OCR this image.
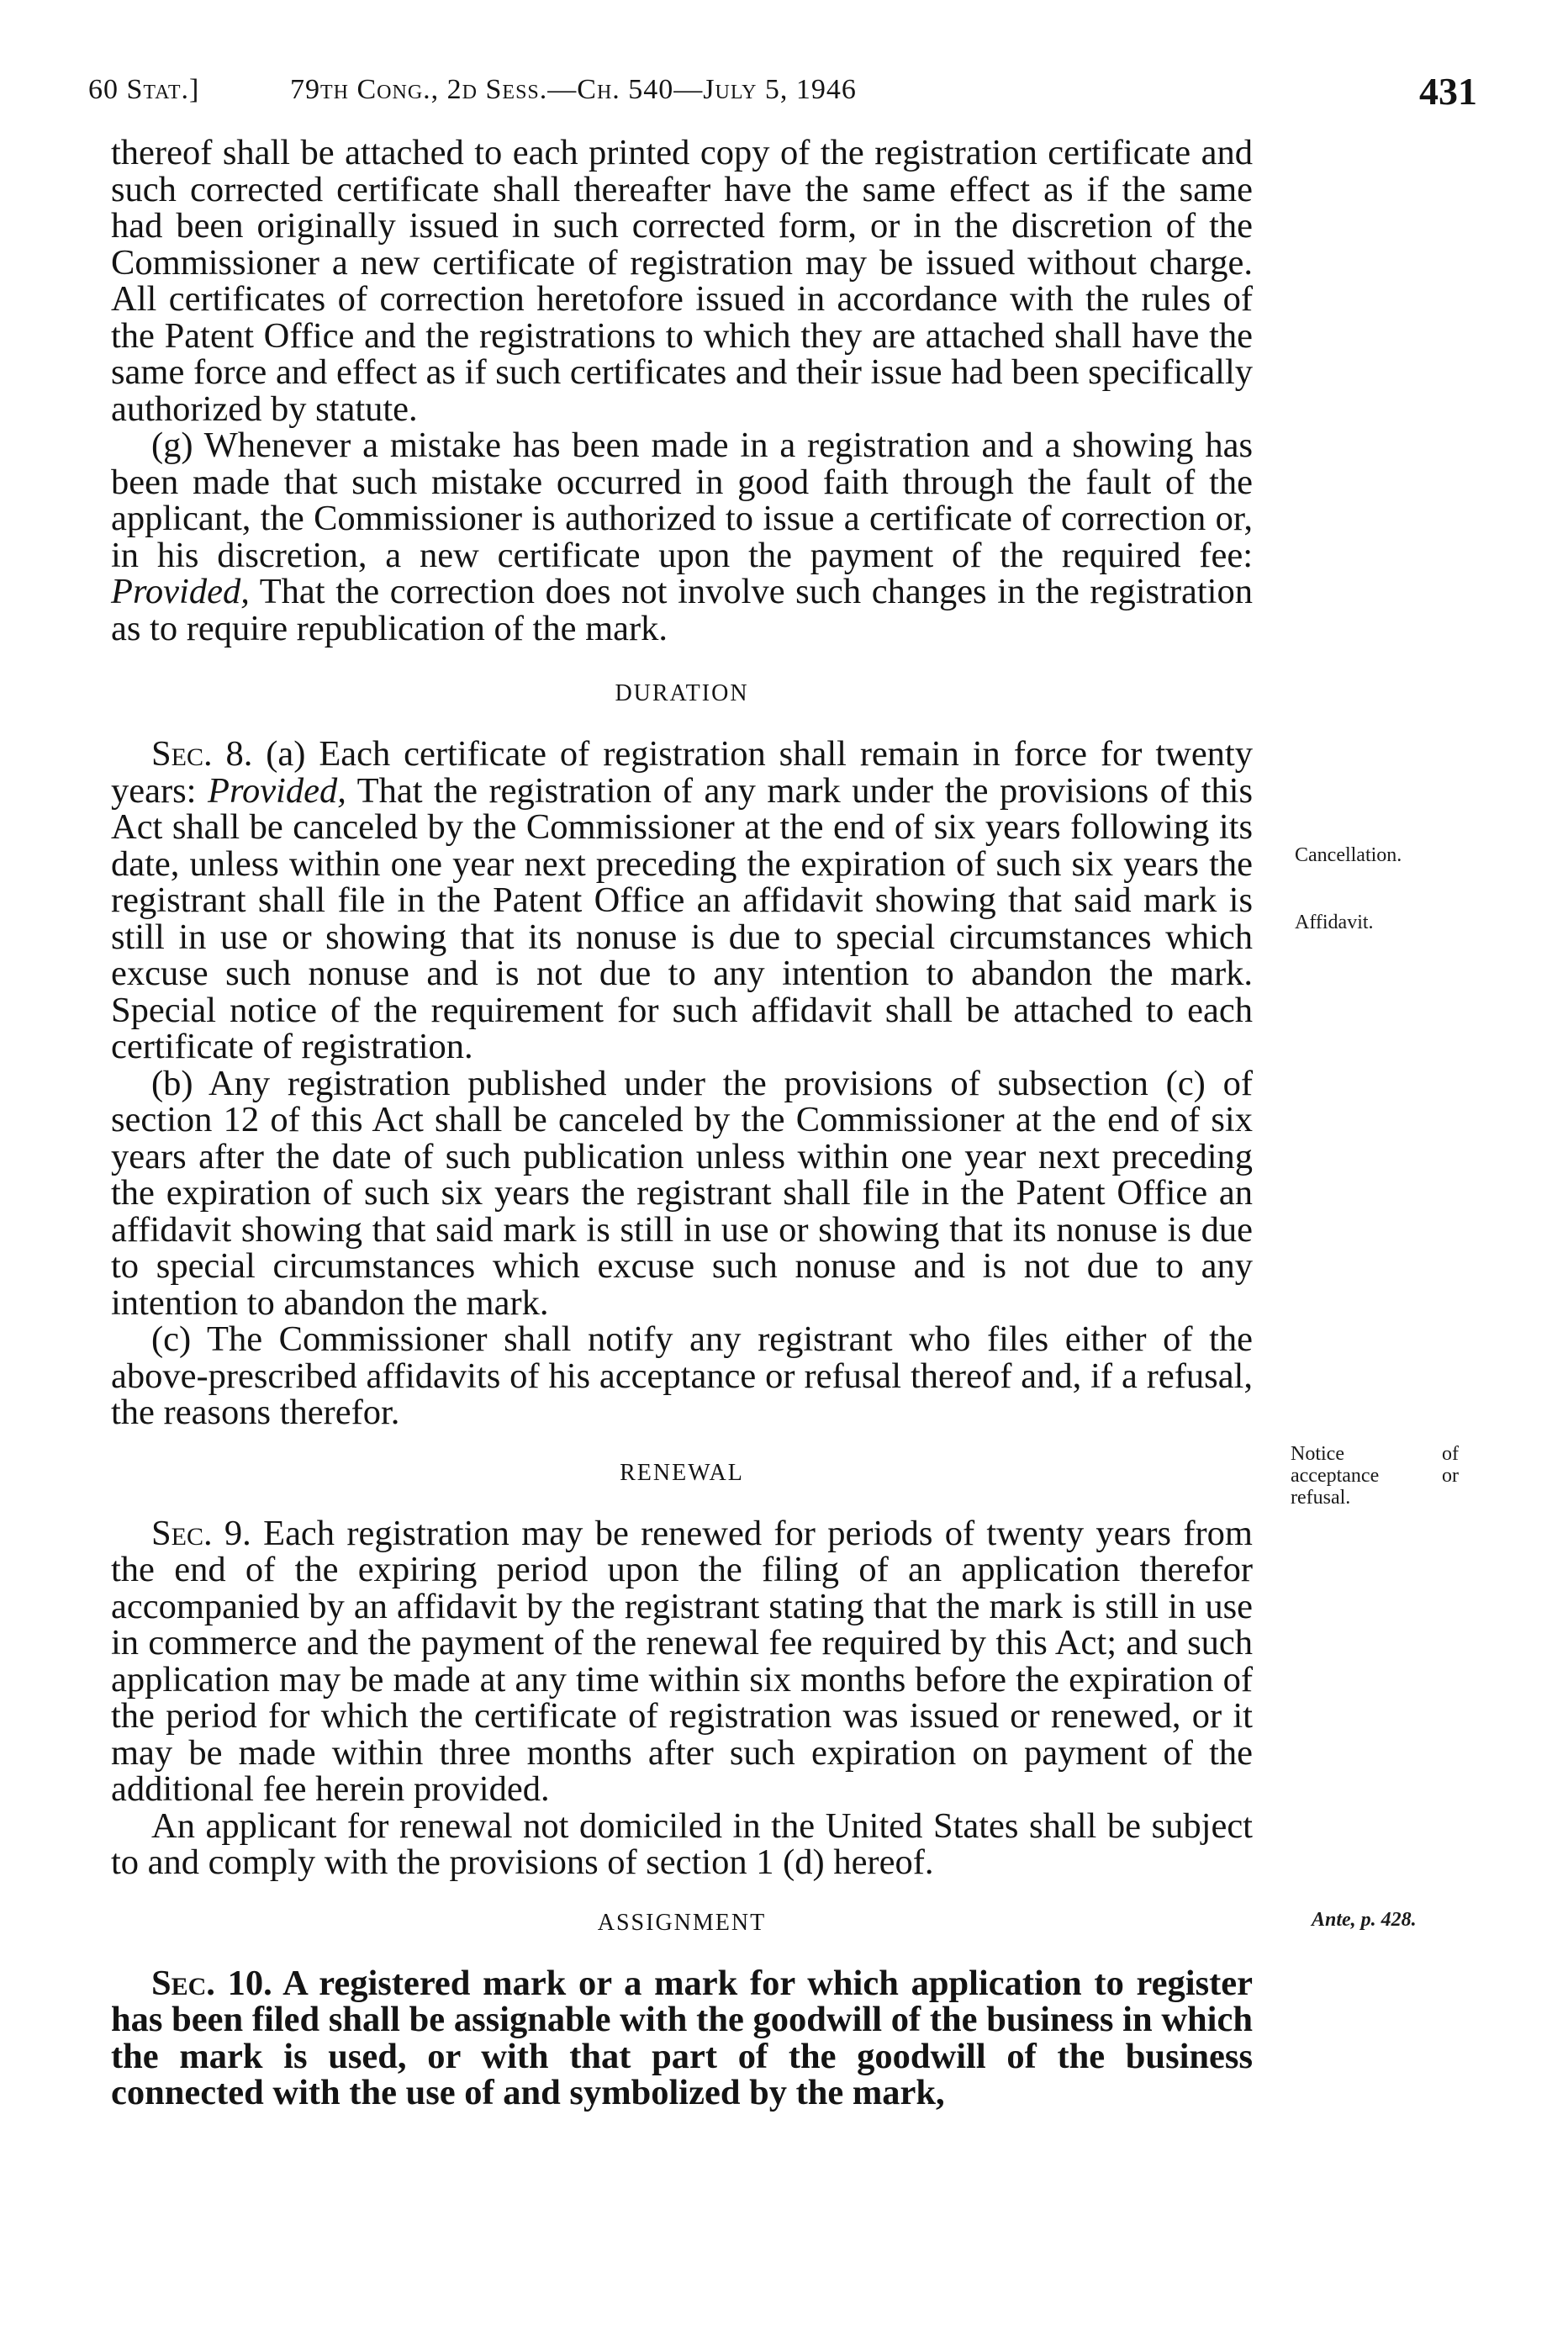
60 Stat.]	79th Cong., 2d Sess.—Ch. 540—July 5, 1946	431

thereof shall be attached to each printed copy of the registration certificate and such corrected certificate shall thereafter have the same effect as if the same had been originally issued in such corrected form, or in the discretion of the Commissioner a new certificate of registration may be issued without charge. All certificates of correction heretofore issued in accordance with the rules of the Patent Office and the registrations to which they are attached shall have the same force and effect as if such certificates and their issue had been specifically authorized by statute.

(g) Whenever a mistake has been made in a registration and a showing has been made that such mistake occurred in good faith through the fault of the applicant, the Commissioner is authorized to issue a certificate of correction or, in his discretion, a new certificate upon the payment of the required fee: Provided, That the correction does not involve such changes in the registration as to require republication of the mark.

DURATION

Sec. 8. (a) Each certificate of registration shall remain in force for twenty years: Provided, That the registration of any mark under the provisions of this Act shall be canceled by the Commissioner at the end of six years following its date, unless within one year next preceding the expiration of such six years the registrant shall file in the Patent Office an affidavit showing that said mark is still in use or showing that its nonuse is due to special circumstances which excuse such nonuse and is not due to any intention to abandon the mark. Special notice of the requirement for such affidavit shall be attached to each certificate of registration.

(b) Any registration published under the provisions of subsection (c) of section 12 of this Act shall be canceled by the Commissioner at the end of six years after the date of such publication unless within one year next preceding the expiration of such six years the registrant shall file in the Patent Office an affidavit showing that said mark is still in use or showing that its nonuse is due to special circumstances which excuse such nonuse and is not due to any intention to abandon the mark.

(c) The Commissioner shall notify any registrant who files either of the above-prescribed affidavits of his acceptance or refusal thereof and, if a refusal, the reasons therefor.

RENEWAL

Sec. 9. Each registration may be renewed for periods of twenty years from the end of the expiring period upon the filing of an application therefor accompanied by an affidavit by the registrant stating that the mark is still in use in commerce and the payment of the renewal fee required by this Act; and such application may be made at any time within six months before the expiration of the period for which the certificate of registration was issued or renewed, or it may be made within three months after such expiration on payment of the additional fee herein provided.

An applicant for renewal not domiciled in the United States shall be subject to and comply with the provisions of section 1 (d) hereof.

ASSIGNMENT

Sec. 10. A registered mark or a mark for which application to register has been filed shall be assignable with the goodwill of the business in which the mark is used, or with that part of the goodwill of the business connected with the use of and symbolized by the mark,

Cancellation.
Affidavit.
Notice of acceptance or refusal.
Ante, p. 428.
